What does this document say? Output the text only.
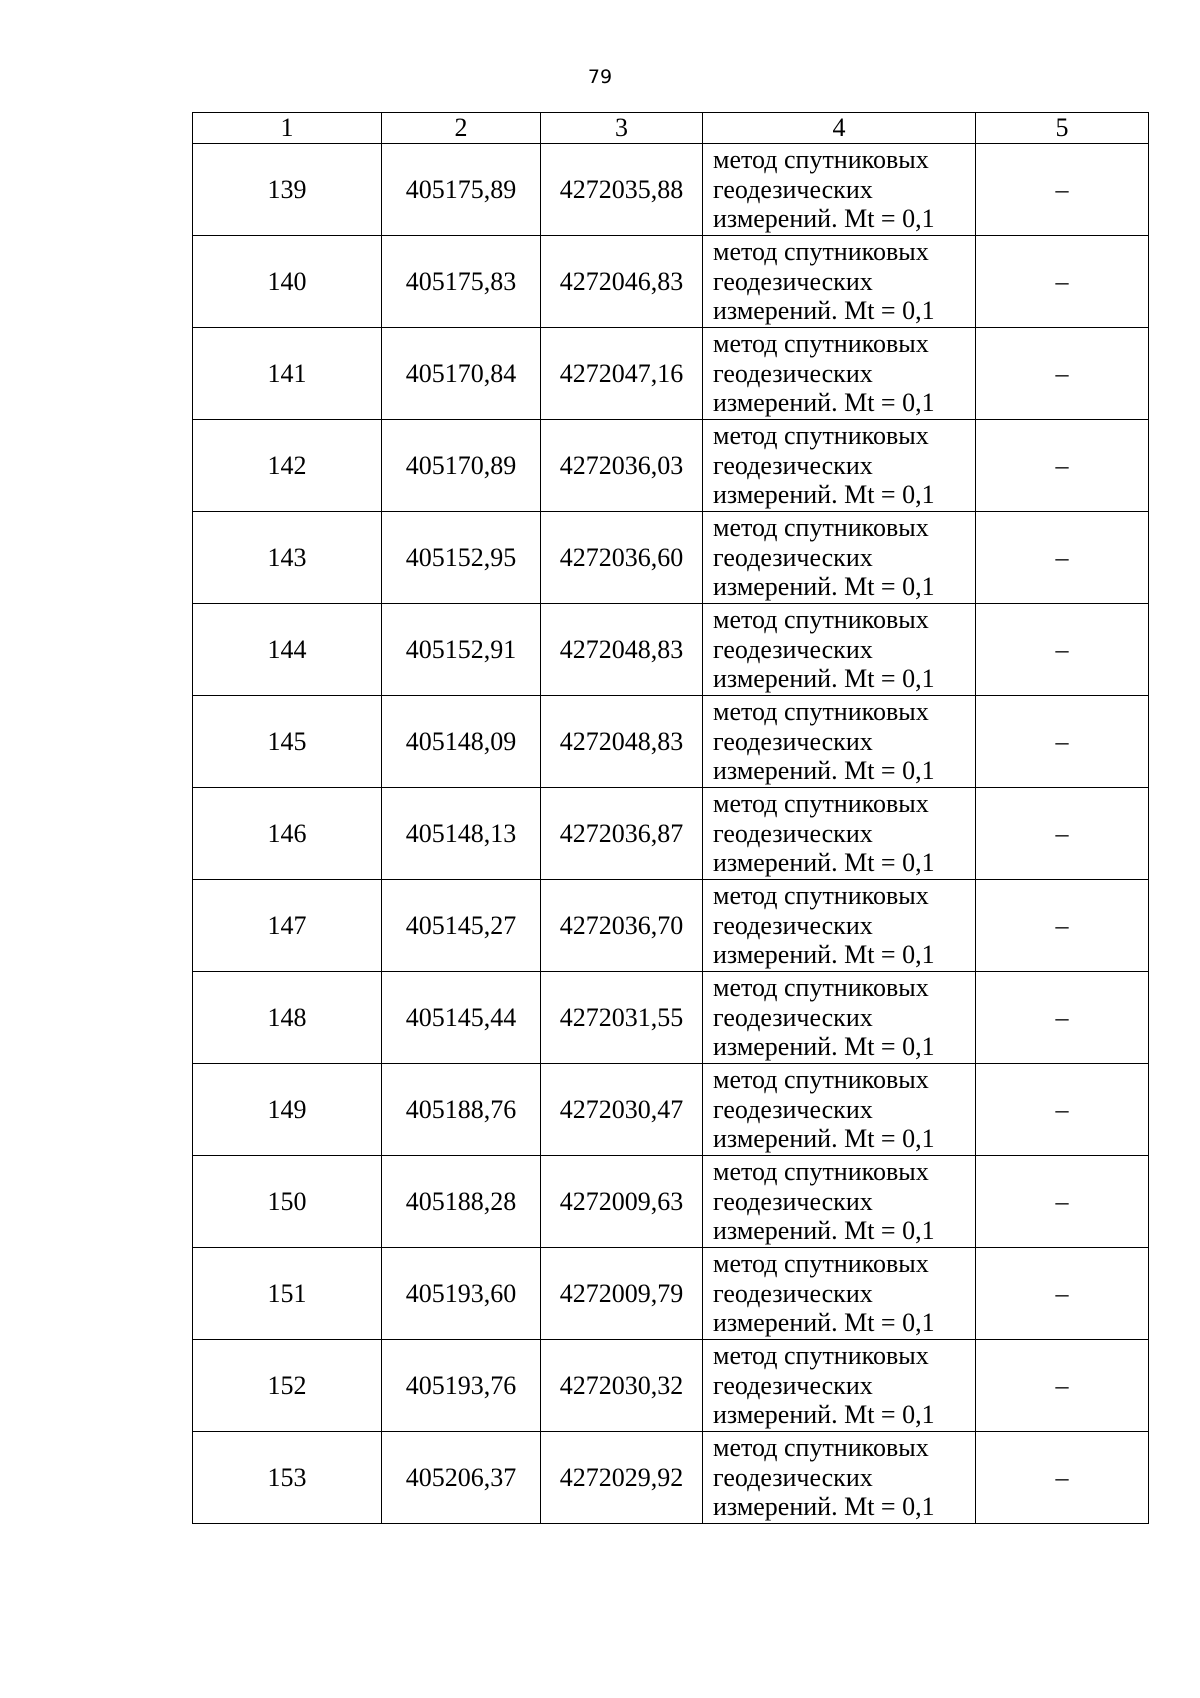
79
1	2	3	4	5
139	405175,89	4272035,88	метод спутниковых
геодезических
измерений. Mt = 0,1	–
140	405175,83	4272046,83	метод спутниковых
геодезических
измерений. Mt = 0,1	–
141	405170,84	4272047,16	метод спутниковых
геодезических
измерений. Mt = 0,1	–
142	405170,89	4272036,03	метод спутниковых
геодезических
измерений. Mt = 0,1	–
143	405152,95	4272036,60	метод спутниковых
геодезических
измерений. Mt = 0,1	–
144	405152,91	4272048,83	метод спутниковых
геодезических
измерений. Mt = 0,1	–
145	405148,09	4272048,83	метод спутниковых
геодезических
измерений. Mt = 0,1	–
146	405148,13	4272036,87	метод спутниковых
геодезических
измерений. Mt = 0,1	–
147	405145,27	4272036,70	метод спутниковых
геодезических
измерений. Mt = 0,1	–
148	405145,44	4272031,55	метод спутниковых
геодезических
измерений. Mt = 0,1	–
149	405188,76	4272030,47	метод спутниковых
геодезических
измерений. Mt = 0,1	–
150	405188,28	4272009,63	метод спутниковых
геодезических
измерений. Mt = 0,1	–
151	405193,60	4272009,79	метод спутниковых
геодезических
измерений. Mt = 0,1	–
152	405193,76	4272030,32	метод спутниковых
геодезических
измерений. Mt = 0,1	–
153	405206,37	4272029,92	метод спутниковых
геодезических
измерений. Mt = 0,1	–
